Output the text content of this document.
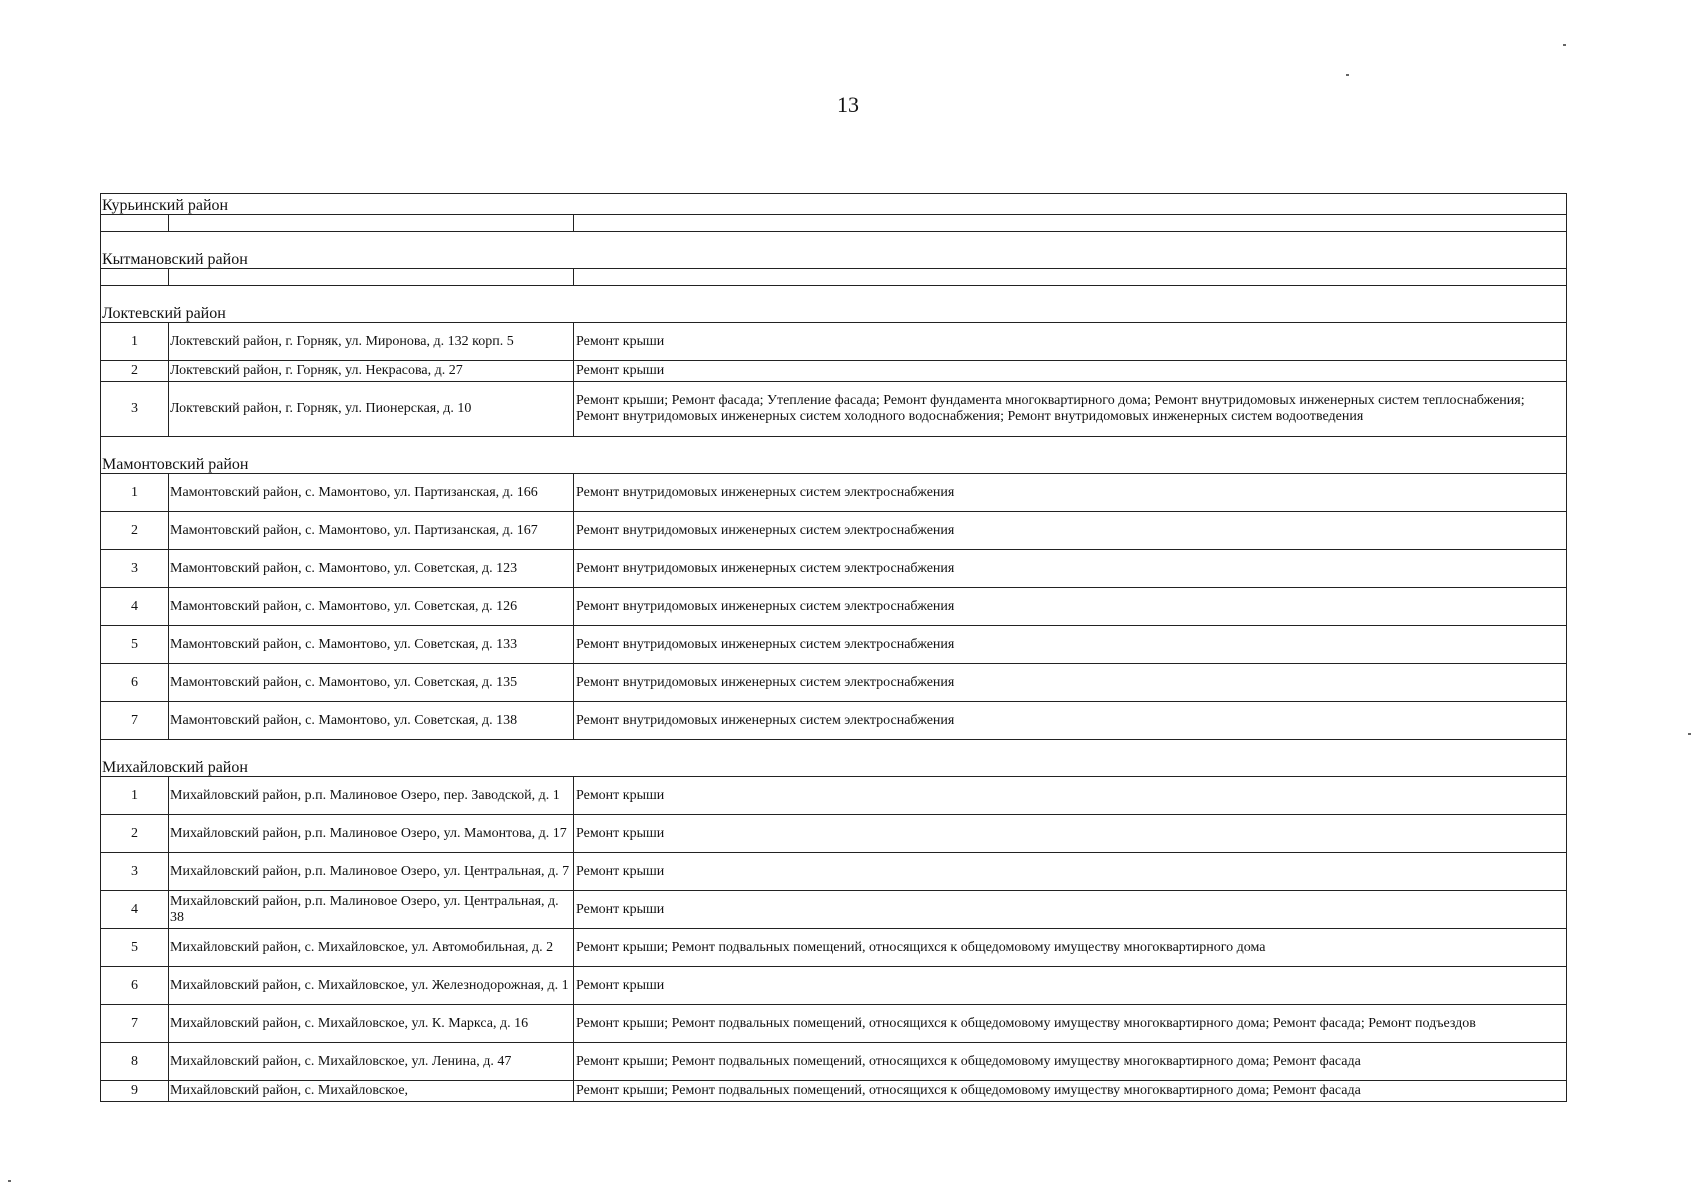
13
Курьинский район		

Кытмановский район		

Локтевский район		
1	Локтевский район, г. Горняк, ул. Миронова, д. 132 корп. 5	Ремонт крыши
2	Локтевский район, г. Горняк, ул. Некрасова, д. 27	Ремонт крыши
3	Локтевский район, г. Горняк, ул. Пионерская, д. 10	Ремонт крыши; Ремонт фасада; Утепление фасада; Ремонт фундамента многоквартирного дома; Ремонт внутридомовых инженерных систем теплоснабжения; Ремонт внутридомовых инженерных систем холодного водоснабжения; Ремонт внутридомовых инженерных систем водоотведения

Мамонтовский район		
1	Мамонтовский район, с. Мамонтово, ул. Партизанская, д. 166	Ремонт внутридомовых инженерных систем электроснабжения
2	Мамонтовский район, с. Мамонтово, ул. Партизанская, д. 167	Ремонт внутридомовых инженерных систем электроснабжения
3	Мамонтовский район, с. Мамонтово, ул. Советская, д. 123	Ремонт внутридомовых инженерных систем электроснабжения
4	Мамонтовский район, с. Мамонтово, ул. Советская, д. 126	Ремонт внутридомовых инженерных систем электроснабжения
5	Мамонтовский район, с. Мамонтово, ул. Советская, д. 133	Ремонт внутридомовых инженерных систем электроснабжения
6	Мамонтовский район, с. Мамонтово, ул. Советская, д. 135	Ремонт внутридомовых инженерных систем электроснабжения
7	Мамонтовский район, с. Мамонтово, ул. Советская, д. 138	Ремонт внутридомовых инженерных систем электроснабжения

Михайловский район		
1	Михайловский район, р.п. Малиновое Озеро, пер. Заводской, д. 1	Ремонт крыши
2	Михайловский район, р.п. Малиновое Озеро, ул. Мамонтова, д. 17	Ремонт крыши
3	Михайловский район, р.п. Малиновое Озеро, ул. Центральная, д. 7	Ремонт крыши
4	Михайловский район, р.п. Малиновое Озеро, ул. Центральная, д. 38	Ремонт крыши
5	Михайловский район, с. Михайловское, ул. Автомобильная, д. 2	Ремонт крыши; Ремонт подвальных помещений, относящихся к общедомовому имуществу многоквартирного дома
6	Михайловский район, с. Михайловское, ул. Железнодорожная, д. 1	Ремонт крыши
7	Михайловский район, с. Михайловское, ул. К. Маркса, д. 16	Ремонт крыши; Ремонт подвальных помещений, относящихся к общедомовому имуществу многоквартирного дома; Ремонт фасада; Ремонт подъездов
8	Михайловский район, с. Михайловское, ул. Ленина, д. 47	Ремонт крыши; Ремонт подвальных помещений, относящихся к общедомовому имуществу многоквартирного дома; Ремонт фасада
9	Михайловский район, с. Михайловское,	Ремонт крыши; Ремонт подвальных помещений, относящихся к общедомовому имуществу многоквартирного дома; Ремонт фасада
